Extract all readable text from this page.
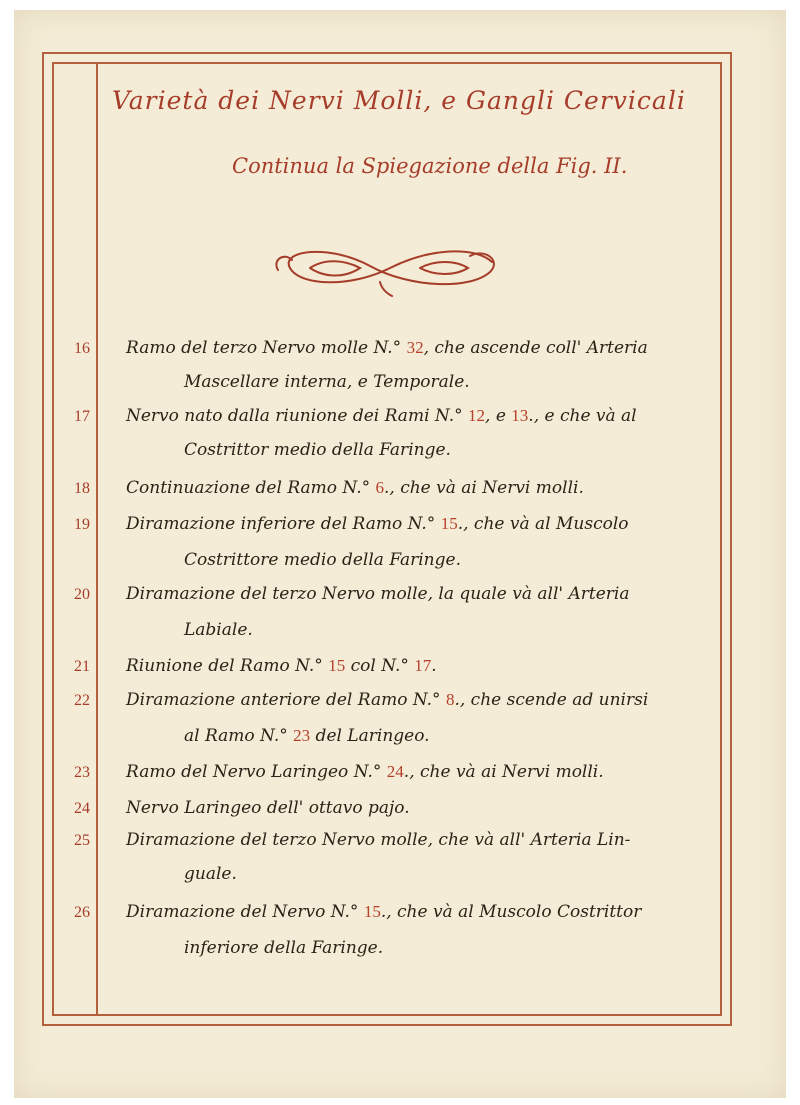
Varietà dei Nervi Molli, e Gangli Cervicali
Continua la Spiegazione della Fig. II.
16	Ramo del terzo Nervo molle N.° 32, che ascende coll' Arteria
Mascellare interna, e Temporale.
17	Nervo nato dalla riunione dei Rami N.° 12, e 13., e che và al
Costrittor medio della Faringe.
18	Continuazione del Ramo N.° 6., che và ai Nervi molli.
19	Diramazione inferiore del Ramo N.° 15., che và al Muscolo
Costrittore medio della Faringe.
20	Diramazione del terzo Nervo molle, la quale và all' Arteria
Labiale.
21	Riunione del Ramo N.° 15 col N.° 17.
22	Diramazione anteriore del Ramo N.° 8., che scende ad unirsi
al Ramo N.° 23 del Laringeo.
23	Ramo del Nervo Laringeo N.° 24., che và ai Nervi molli.
24	Nervo Laringeo dell' ottavo pajo.
25	Diramazione del terzo Nervo molle, che và all' Arteria Lin-
guale.
26	Diramazione del Nervo N.° 15., che và al Muscolo Costrittor
inferiore della Faringe.
